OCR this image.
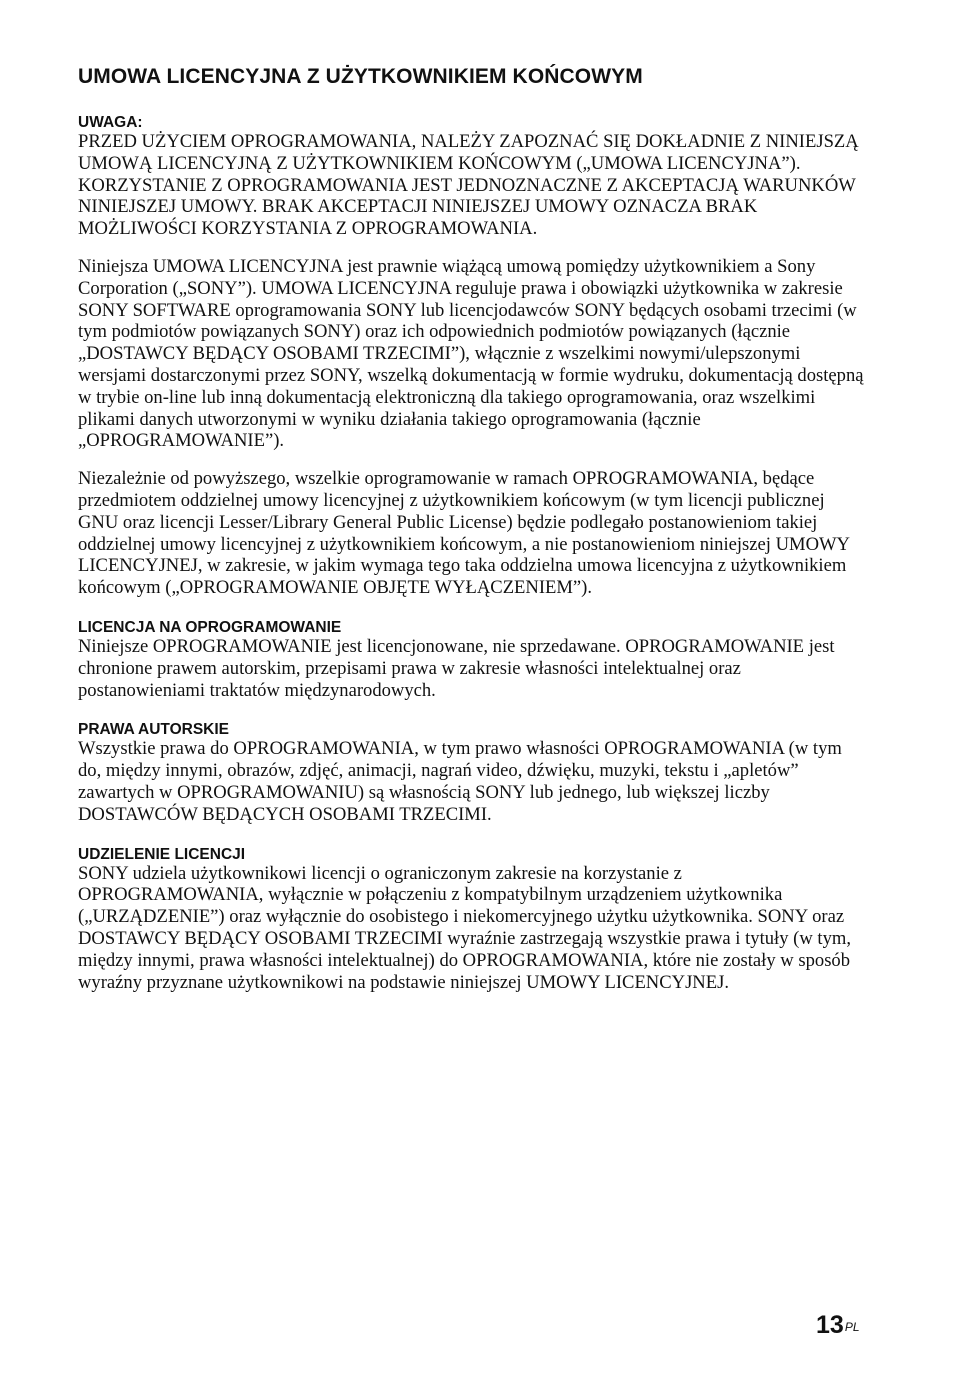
UMOWA LICENCYJNA Z UŻYTKOWNIKIEM KOŃCOWYM
UWAGA:

PRZED UŻYCIEM OPROGRAMOWANIA, NALEŻY ZAPOZNAĆ SIĘ DOKŁADNIE Z NINIEJSZĄ UMOWĄ LICENCYJNĄ Z UŻYTKOWNIKIEM KOŃCOWYM („UMOWA LICENCYJNA”). KORZYSTANIE Z OPROGRAMOWANIA JEST JEDNOZNACZNE Z AKCEPTACJĄ WARUNKÓW NINIEJSZEJ UMOWY. BRAK AKCEPTACJI NINIEJSZEJ UMOWY OZNACZA BRAK MOŻLIWOŚCI KORZYSTANIA Z OPROGRAMOWANIA.

Niniejsza UMOWA LICENCYJNA jest prawnie wiążącą umową pomiędzy użytkownikiem a Sony Corporation („SONY”). UMOWA LICENCYJNA reguluje prawa i obowiązki użytkownika w zakresie SONY SOFTWARE oprogramowania SONY lub licencjodawców SONY będących osobami trzecimi (w tym podmiotów powiązanych SONY) oraz ich odpowiednich podmiotów powiązanych (łącznie „DOSTAWCY BĘDĄCY OSOBAMI TRZECIMI”), włącznie z wszelkimi nowymi/ulepszonymi wersjami dostarczonymi przez SONY, wszelką dokumentacją w formie wydruku, dokumentacją dostępną w trybie on-line lub inną dokumentacją elektroniczną dla takiego oprogramowania, oraz wszelkimi plikami danych utworzonymi w wyniku działania takiego oprogramowania (łącznie „OPROGRAMOWANIE”).

Niezależnie od powyższego, wszelkie oprogramowanie w ramach OPROGRAMOWANIA, będące przedmiotem oddzielnej umowy licencyjnej z użytkownikiem końcowym (w tym licencji publicznej GNU oraz licencji Lesser/Library General Public License) będzie podlegało postanowieniom takiej oddzielnej umowy licencyjnej z użytkownikiem końcowym, a nie postanowieniom niniejszej UMOWY LICENCYJNEJ, w zakresie, w jakim wymaga tego taka oddzielna umowa licencyjna z użytkownikiem końcowym („OPROGRAMOWANIE OBJĘTE WYŁĄCZENIEM”).

LICENCJA NA OPROGRAMOWANIE

Niniejsze OPROGRAMOWANIE jest licencjonowane, nie sprzedawane. OPROGRAMOWANIE jest chronione prawem autorskim, przepisami prawa w zakresie własności intelektualnej oraz postanowieniami traktatów międzynarodowych.

PRAWA AUTORSKIE

Wszystkie prawa do OPROGRAMOWANIA, w tym prawo własności OPROGRAMOWANIA (w tym do, między innymi, obrazów, zdjęć, animacji, nagrań video, dźwięku, muzyki, tekstu i „apletów” zawartych w OPROGRAMOWANIU) są własnością SONY lub jednego, lub większej liczby DOSTAWCÓW BĘDĄCYCH OSOBAMI TRZECIMI.

UDZIELENIE LICENCJI

SONY udziela użytkownikowi licencji o ograniczonym zakresie na korzystanie z OPROGRAMOWANIA, wyłącznie w połączeniu z kompatybilnym urządzeniem użytkownika („URZĄDZENIE”) oraz wyłącznie do osobistego i niekomercyjnego użytku użytkownika. SONY oraz DOSTAWCY BĘDĄCY OSOBAMI TRZECIMI wyraźnie zastrzegają wszystkie prawa i tytuły (w tym, między innymi, prawa własności intelektualnej) do OPROGRAMOWANIA, które nie zostały w sposób wyraźny przyznane użytkownikowi na podstawie niniejszej UMOWY LICENCYJNEJ.

$13^{PL}$
